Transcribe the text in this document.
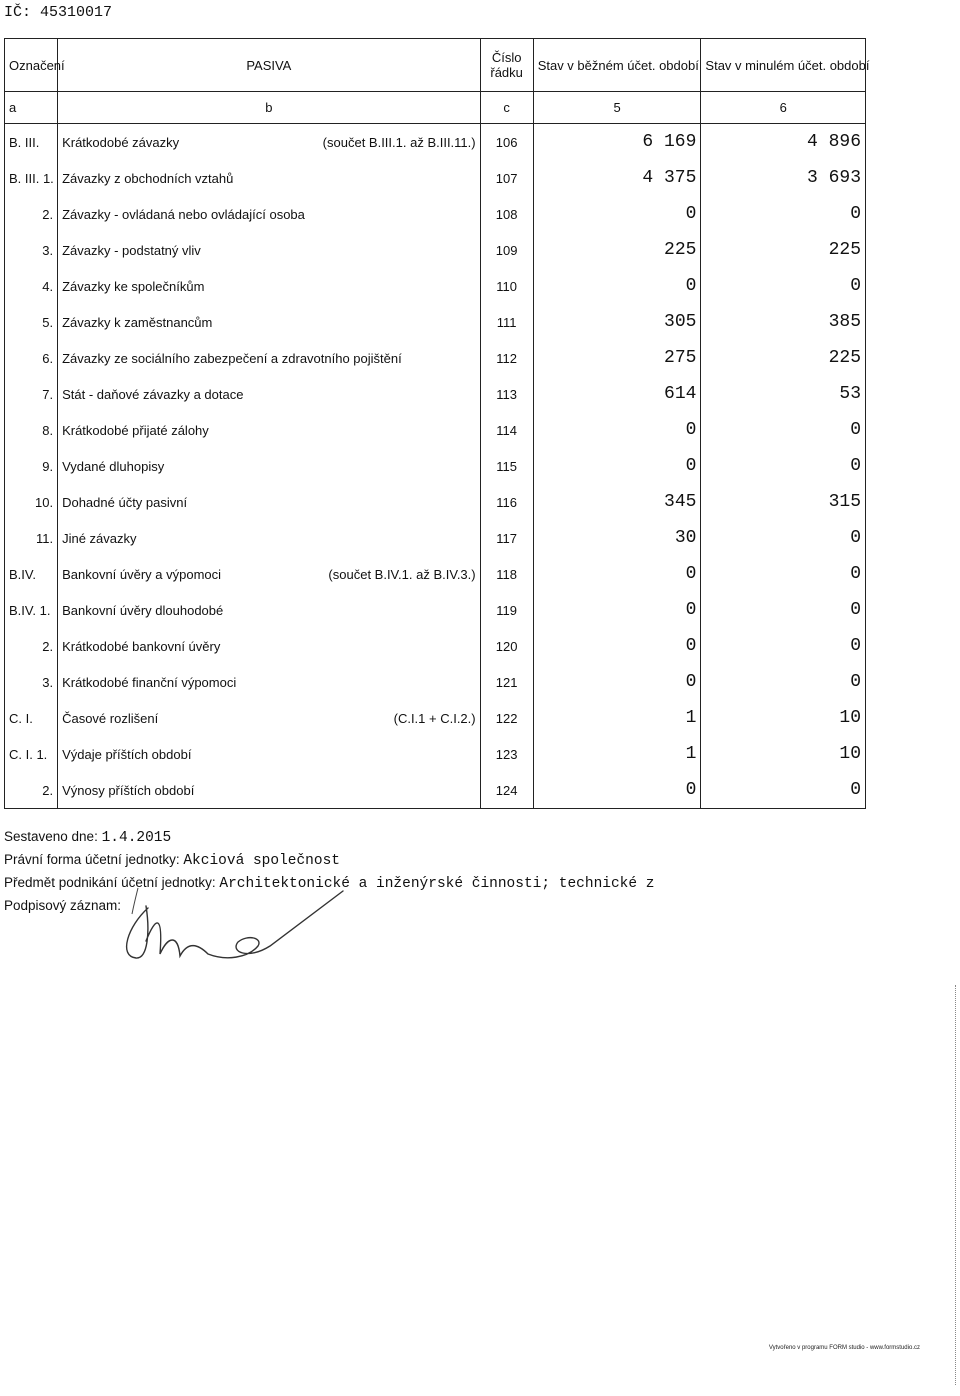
IČ: 45310017
Označení	PASIVA	Číslo řádku	Stav v běžném účet. období	Stav v minulém účet. období
a	b	c	5	6
B. III.	Krátkodobé závazky (součet B.III.1. až B.III.11.)	106	6 169	4 896
B. III. 1.	Závazky z obchodních vztahů	107	4 375	3 693
2.	Závazky - ovládaná nebo ovládající osoba	108	0	0
3.	Závazky - podstatný vliv	109	225	225
4.	Závazky ke společníkům	110	0	0
5.	Závazky k zaměstnancům	111	305	385
6.	Závazky ze sociálního zabezpečení a zdravotního pojištění	112	275	225
7.	Stát - daňové závazky a dotace	113	614	53
8.	Krátkodobé přijaté zálohy	114	0	0
9.	Vydané dluhopisy	115	0	0
10.	Dohadné účty pasivní	116	345	315
11.	Jiné závazky	117	30	0
B.IV.	Bankovní úvěry a výpomoci (součet B.IV.1. až B.IV.3.)	118	0	0
B.IV. 1.	Bankovní úvěry dlouhodobé	119	0	0
2.	Krátkodobé bankovní úvěry	120	0	0
3.	Krátkodobé finanční výpomoci	121	0	0
C. I.	Časové rozlišení (C.I.1 + C.I.2.)	122	1	10
C. I. 1.	Výdaje příštích období	123	1	10
2.	Výnosy příštích období	124	0	0
Sestaveno dne: 1.4.2015
Právní forma účetní jednotky: Akciová společnost
Předmět podnikání účetní jednotky: Architektonické a inženýrské činnosti; technické z
Podpisový záznam:
Vytvořeno v programu FORM studio - www.formstudio.cz
